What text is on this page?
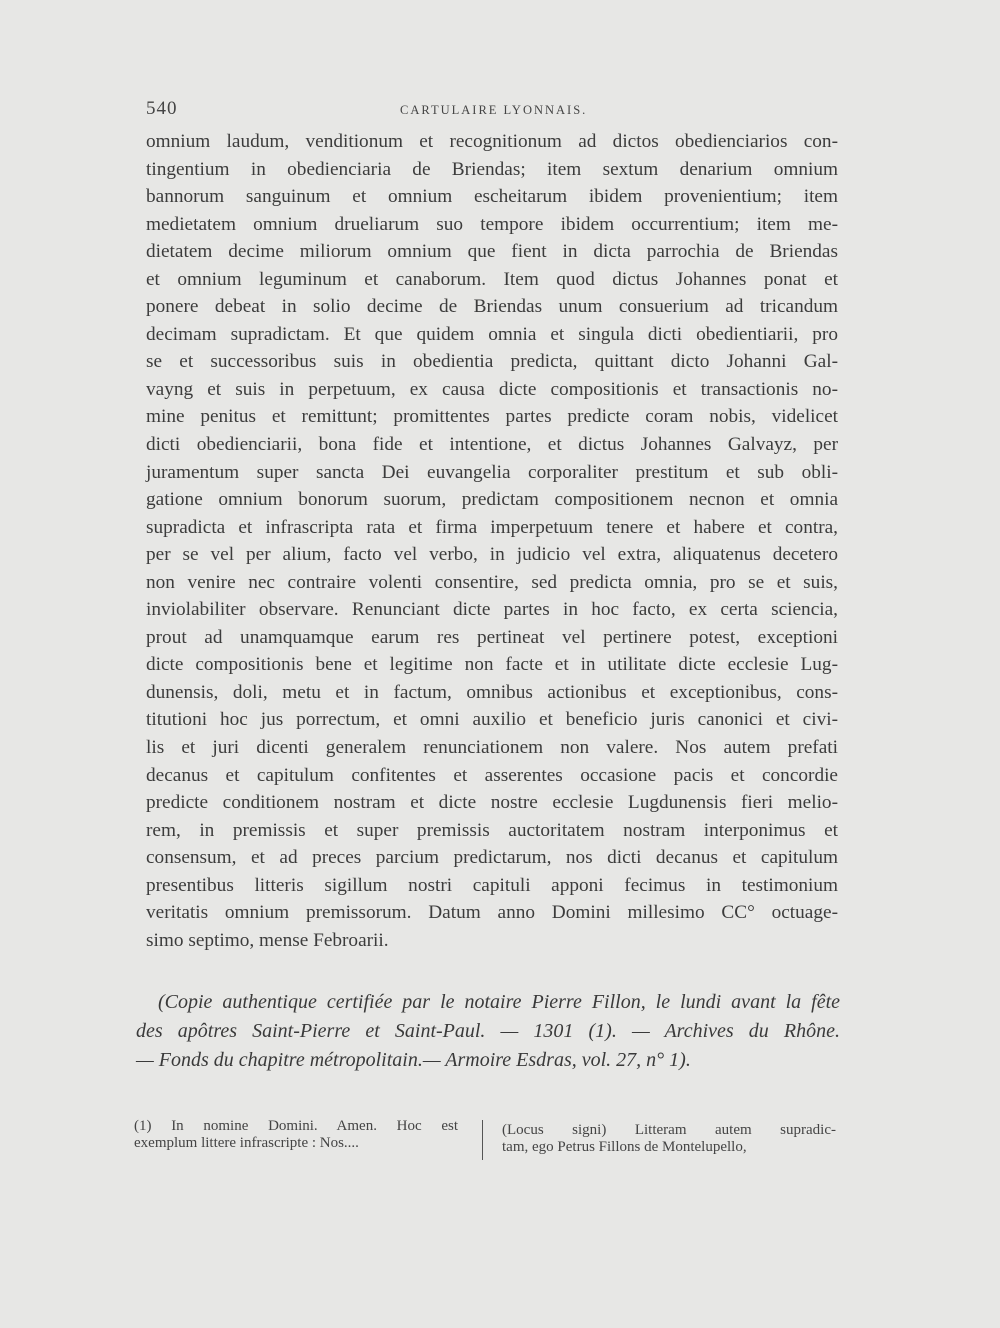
540	CARTULAIRE LYONNAIS.
omnium laudum, venditionum et recognitionum ad dictos obedienciarios con-
tingentium in obedienciaria de Briendas; item sextum denarium omnium
bannorum sanguinum et omnium escheitarum ibidem provenientium; item
medietatem omnium drueliarum suo tempore ibidem occurrentium; item me-
dietatem decime miliorum omnium que fient in dicta parrochia de Briendas
et omnium leguminum et canaborum. Item quod dictus Johannes ponat et
ponere debeat in solio decime de Briendas unum consuerium ad tricandum
decimam supradictam. Et que quidem omnia et singula dicti obedientiarii, pro
se et successoribus suis in obedientia predicta, quittant dicto Johanni Gal-
vayng et suis in perpetuum, ex causa dicte compositionis et transactionis no-
mine penitus et remittunt; promittentes partes predicte coram nobis, videlicet
dicti obedienciarii, bona fide et intentione, et dictus Johannes Galvayz, per
juramentum super sancta Dei euvangelia corporaliter prestitum et sub obli-
gatione omnium bonorum suorum, predictam compositionem necnon et omnia
supradicta et infrascripta rata et firma imperpetuum tenere et habere et contra,
per se vel per alium, facto vel verbo, in judicio vel extra, aliquatenus decetero
non venire nec contraire volenti consentire, sed predicta omnia, pro se et suis,
inviolabiliter observare. Renunciant dicte partes in hoc facto, ex certa sciencia,
prout ad unamquamque earum res pertineat vel pertinere potest, exceptioni
dicte compositionis bene et legitime non facte et in utilitate dicte ecclesie Lug-
dunensis, doli, metu et in factum, omnibus actionibus et exceptionibus, cons-
titutioni hoc jus porrectum, et omni auxilio et beneficio juris canonici et civi-
lis et juri dicenti generalem renunciationem non valere. Nos autem prefati
decanus et capitulum confitentes et asserentes occasione pacis et concordie
predicte conditionem nostram et dicte nostre ecclesie Lugdunensis fieri melio-
rem, in premissis et super premissis auctoritatem nostram interponimus et
consensum, et ad preces parcium predictarum, nos dicti decanus et capitulum
presentibus litteris sigillum nostri capituli apponi fecimus in testimonium
veritatis omnium premissorum. Datum anno Domini millesimo CC° octuage-
simo septimo, mense Febroarii.
(Copie authentique certifiée par le notaire Pierre Fillon, le lundi avant la fête
des apôtres Saint-Pierre et Saint-Paul. — 1301 (1). — Archives du Rhône.
— Fonds du chapitre métropolitain.— Armoire Esdras, vol. 27, n° 1).
(1) In nomine Domini. Amen. Hoc est
exemplum littere infrascripte : Nos....
(Locus signi) Litteram autem supradic-
tam, ego Petrus Fillons de Montelupello,
